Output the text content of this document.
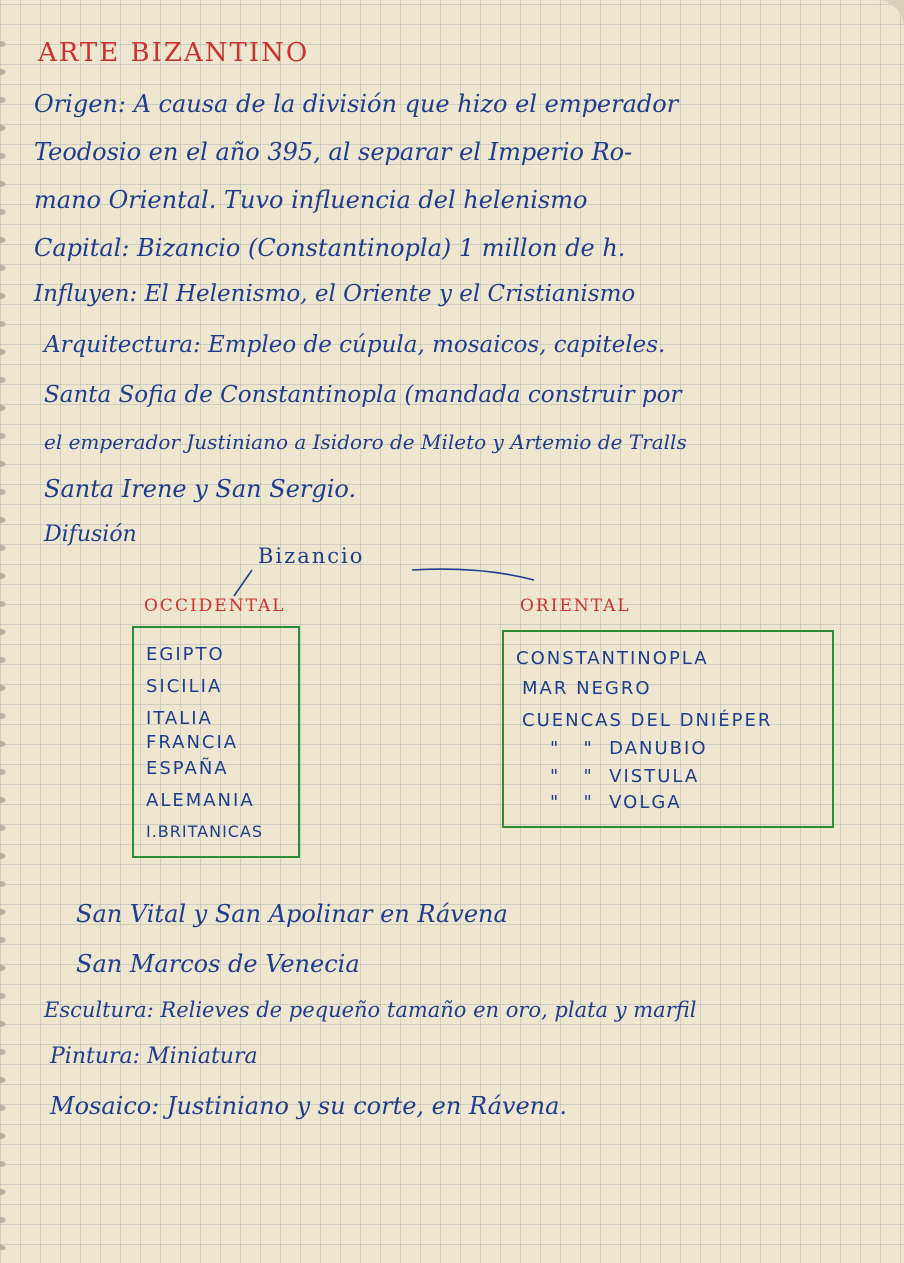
ARTE BIZANTINO
Origen: A causa de la división que hizo el emperador
Teodosio en el año 395, al separar el Imperio Ro-
mano Oriental. Tuvo influencia del helenismo
Capital: Bizancio (Constantinopla) 1 millon de h.
Influyen: El Helenismo, el Oriente y el Cristianismo
Arquitectura: Empleo de cúpula, mosaicos, capiteles.
Santa Sofia de Constantinopla (mandada construir por
el emperador Justiniano a Isidoro de Mileto y Artemio de Tralls
Santa Irene y San Sergio.
Difusión
Bizancio
OCCIDENTAL	ORIENTAL
EGIPTO
SICILIA
ITALIA
FRANCIA
ESPAÑA
ALEMANIA
I.BRITANICAS
CONSTANTINOPLA
MAR NEGRO
CUENCAS DEL DNIÉPER
"   "  DANUBIO
"   "  VISTULA
"   "  VOLGA
San Vital y San Apolinar en Rávena
San Marcos de Venecia
Escultura: Relieves de pequeño tamaño en oro, plata y marfil
Pintura: Miniatura
Mosaico: Justiniano y su corte, en Rávena.
